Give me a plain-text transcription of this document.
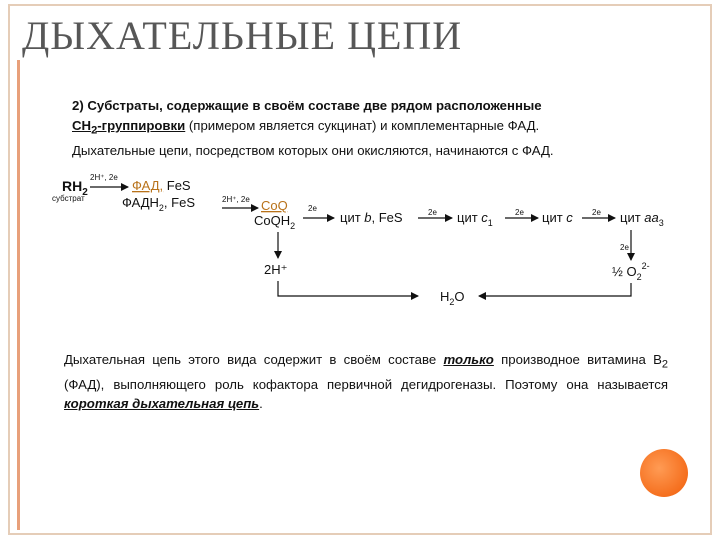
ДЫХАТЕЛЬНЫЕ ЦЕПИ
2) Субстраты, содержащие в своём составе две рядом расположенные
$CH_2$-группировки (примером является сукцинат) и комплементарные ФАД.
Дыхательные цепи, посредством которых они окисляются, начинаются с ФАД.
$RH_2$
субстрат
2H⁺, 2e
ФАД, FeS
$ФАДН_2$, FeS	2H⁺, 2e CoQ
CoQH$_2$
2e
цит b, FeS	2e цит $c_1$
2e цит c 2e цит $aa_3$
2e
½ $O_2^{2-}$
2H⁺
$H_2O$
Дыхательная цепь этого вида содержит в своём составе только производное витамина $B_2$ (ФАД), выполняющего роль кофактора первичной дегидрогеназы. Поэтому она называется короткая дыхательная цепь.
